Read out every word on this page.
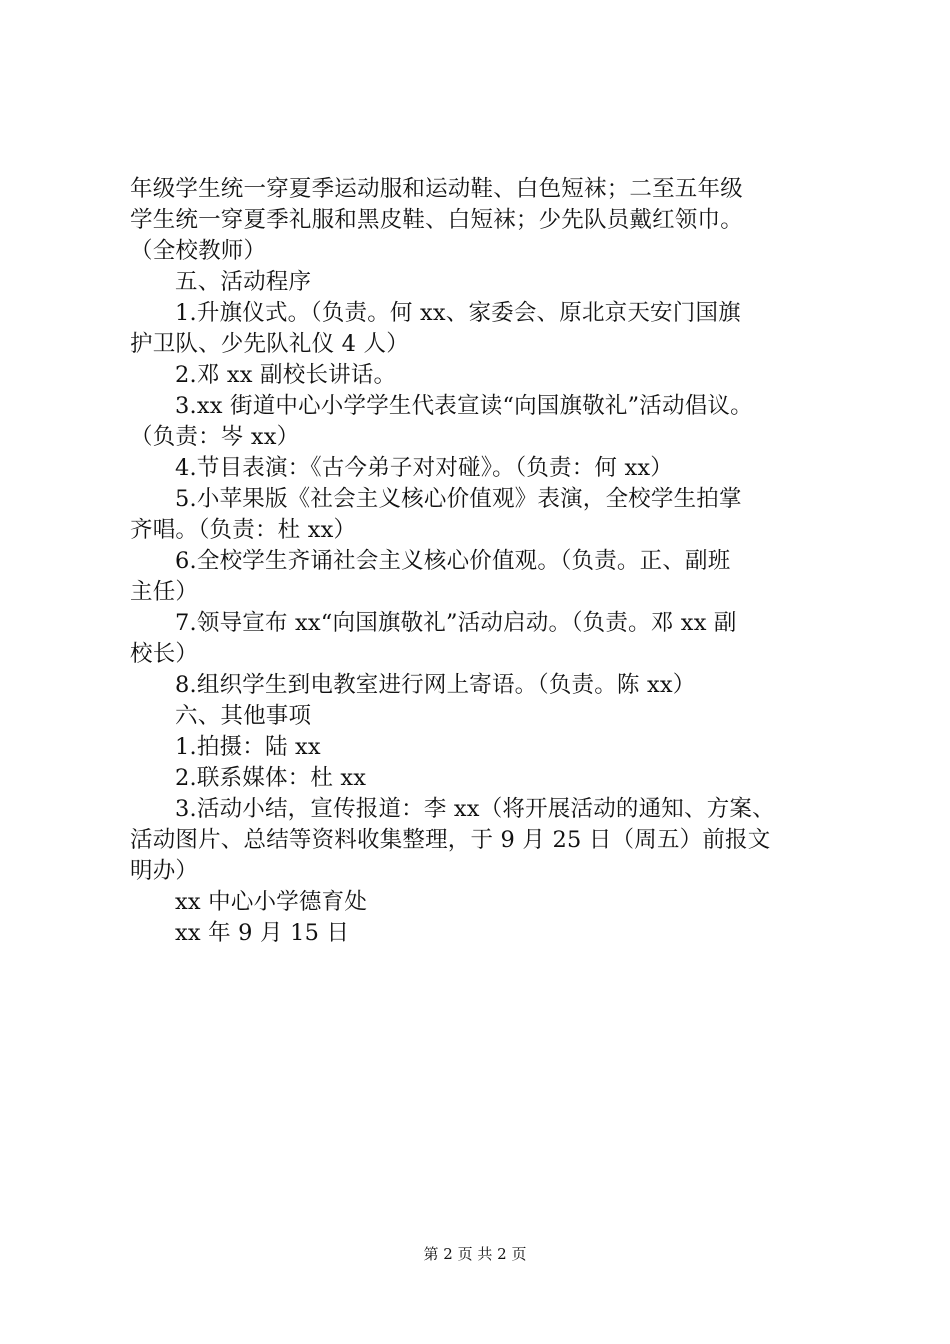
年级学生统一穿夏季运动服和运动鞋、白色短袜；二至五年级
学生统一穿夏季礼服和黑皮鞋、白短袜；少先队员戴红领巾。
（全校教师）
五、活动程序
1.升旗仪式。（负责。何 xx、家委会、原北京天安门国旗
护卫队、少先队礼仪 4 人）
2.邓 xx 副校长讲话。
3.xx 街道中心小学学生代表宣读“向国旗敬礼”活动倡议。
（负责：岑 xx）
4.节目表演：《古今弟子对对碰》。（负责：何 xx）
5.小苹果版《社会主义核心价值观》表演，全校学生拍掌
齐唱。（负责：杜 xx）
6.全校学生齐诵社会主义核心价值观。（负责。正、副班
主任）
7.领导宣布 xx“向国旗敬礼”活动启动。（负责。邓 xx 副
校长）
8.组织学生到电教室进行网上寄语。（负责。陈 xx）
六、其他事项
1.拍摄：陆 xx
2.联系媒体：杜 xx
3.活动小结，宣传报道：李 xx（将开展活动的通知、方案、
活动图片、总结等资料收集整理，于 9 月 25 日（周五）前报文
明办）
xx 中心小学德育处
xx 年 9 月 15 日
第 2 页 共 2 页
